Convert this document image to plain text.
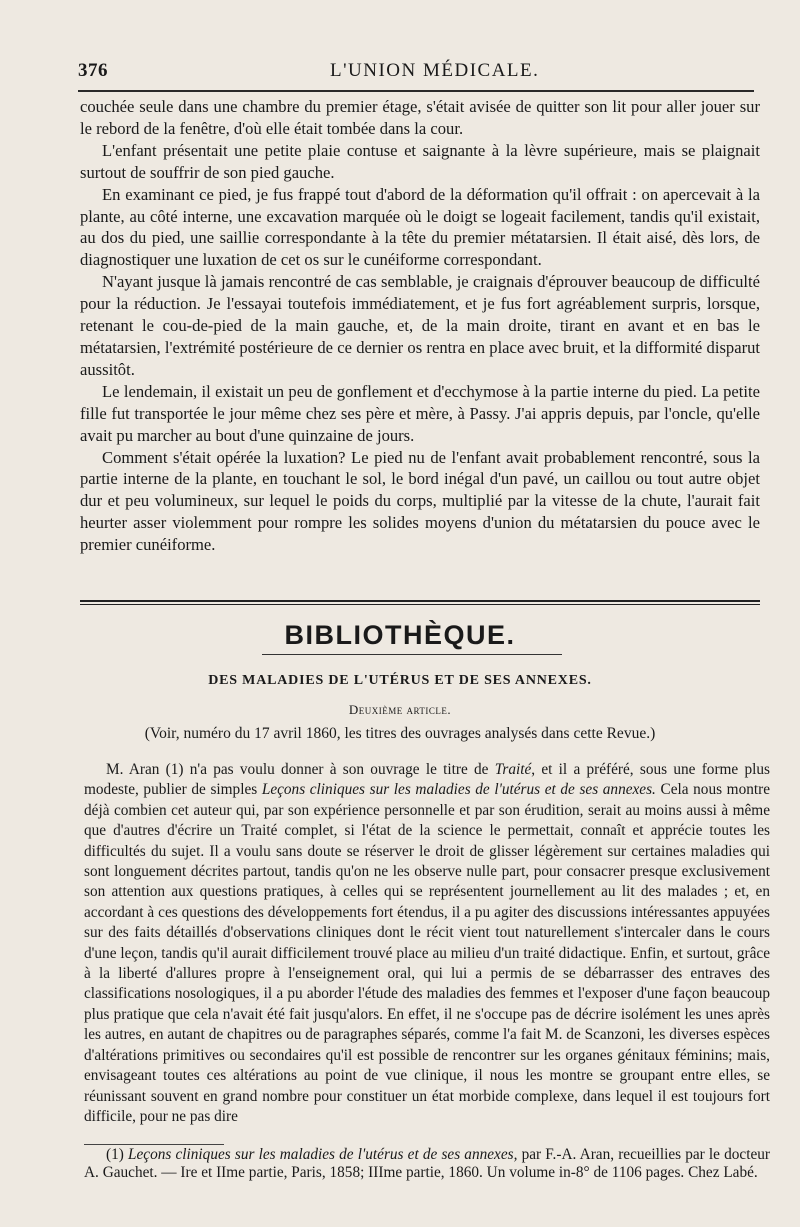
376	L'UNION MÉDICALE.

couchée seule dans une chambre du premier étage, s'était avisée de quitter son lit pour aller jouer sur le rebord de la fenêtre, d'où elle était tombée dans la cour.

L'enfant présentait une petite plaie contuse et saignante à la lèvre supérieure, mais se plaignait surtout de souffrir de son pied gauche.

En examinant ce pied, je fus frappé tout d'abord de la déformation qu'il offrait : on apercevait à la plante, au côté interne, une excavation marquée où le doigt se logeait facilement, tandis qu'il existait, au dos du pied, une saillie correspondante à la tête du premier métatarsien. Il était aisé, dès lors, de diagnostiquer une luxation de cet os sur le cunéiforme correspondant.

N'ayant jusque là jamais rencontré de cas semblable, je craignais d'éprouver beaucoup de difficulté pour la réduction. Je l'essayai toutefois immédiatement, et je fus fort agréablement surpris, lorsque, retenant le cou-de-pied de la main gauche, et, de la main droite, tirant en avant et en bas le métatarsien, l'extrémité postérieure de ce dernier os rentra en place avec bruit, et la difformité disparut aussitôt.

Le lendemain, il existait un peu de gonflement et d'ecchymose à la partie interne du pied. La petite fille fut transportée le jour même chez ses père et mère, à Passy. J'ai appris depuis, par l'oncle, qu'elle avait pu marcher au bout d'une quinzaine de jours.

Comment s'était opérée la luxation? Le pied nu de l'enfant avait probablement rencontré, sous la partie interne de la plante, en touchant le sol, le bord inégal d'un pavé, un caillou ou tout autre objet dur et peu volumineux, sur lequel le poids du corps, multiplié par la vitesse de la chute, l'aurait fait heurter asser violemment pour rompre les solides moyens d'union du métatarsien du pouce avec le premier cunéiforme.

BIBLIOTHÈQUE.
DES MALADIES DE L'UTÉRUS ET DE SES ANNEXES.
Deuxième article.
(Voir, numéro du 17 avril 1860, les titres des ouvrages analysés dans cette Revue.)

M. Aran (1) n'a pas voulu donner à son ouvrage le titre de Traité, et il a préféré, sous une forme plus modeste, publier de simples Leçons cliniques sur les maladies de l'utérus et de ses annexes. Cela nous montre déjà combien cet auteur qui, par son expérience personnelle et par son érudition, serait au moins aussi à même que d'autres d'écrire un Traité complet, si l'état de la science le permettait, connaît et apprécie toutes les difficultés du sujet. Il a voulu sans doute se réserver le droit de glisser légèrement sur certaines maladies qui sont longuement décrites partout, tandis qu'on ne les observe nulle part, pour consacrer presque exclusivement son attention aux questions pratiques, à celles qui se représentent journellement au lit des malades ; et, en accordant à ces questions des développements fort étendus, il a pu agiter des discussions intéressantes appuyées sur des faits détaillés d'observations cliniques dont le récit vient tout naturellement s'intercaler dans le cours d'une leçon, tandis qu'il aurait difficilement trouvé place au milieu d'un traité didactique. Enfin, et surtout, grâce à la liberté d'allures propre à l'enseignement oral, qui lui a permis de se débarrasser des entraves des classifications nosologiques, il a pu aborder l'étude des maladies des femmes et l'exposer d'une façon beaucoup plus pratique que cela n'avait été fait jusqu'alors. En effet, il ne s'occupe pas de décrire isolément les unes après les autres, en autant de chapitres ou de paragraphes séparés, comme l'a fait M. de Scanzoni, les diverses espèces d'altérations primitives ou secondaires qu'il est possible de rencontrer sur les organes génitaux féminins; mais, envisageant toutes ces altérations au point de vue clinique, il nous les montre se groupant entre elles, se réunissant souvent en grand nombre pour constituer un état morbide complexe, dans lequel il est toujours fort difficile, pour ne pas dire

(1) Leçons cliniques sur les maladies de l'utérus et de ses annexes, par F.-A. Aran, recueillies par le docteur A. Gauchet. — Ire et IIme partie, Paris, 1858; IIIme partie, 1860. Un volume in-8° de 1106 pages. Chez Labé.
